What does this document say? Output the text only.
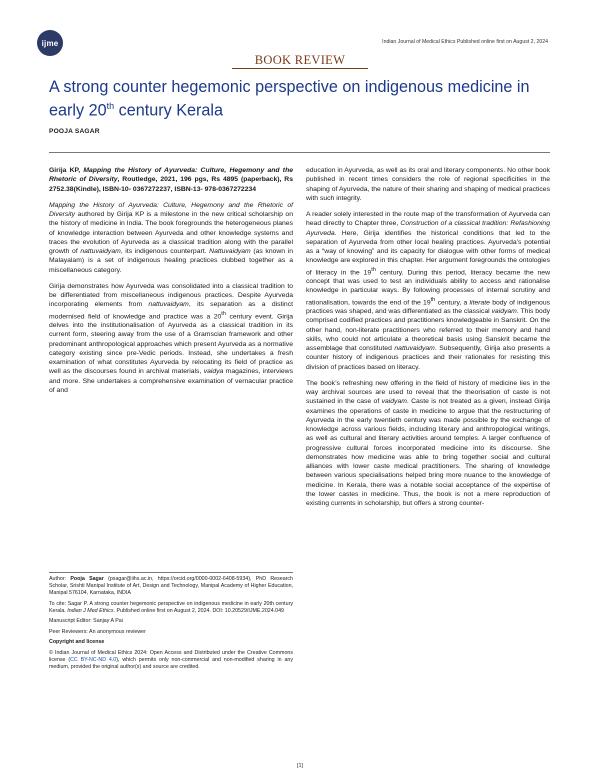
ijme	Indian Journal of Medical Ethics Published online first on August 2, 2024
BOOK REVIEW
A strong counter hegemonic perspective on indigenous medicine in early 20th century Kerala
POOJA SAGAR

Girija KP, Mapping the History of Ayurveda: Culture, Hegemony and the Rhetoric of Diversity, Routledge, 2021, 196 pgs, Rs 4895 (paperback), Rs 2752.38(Kindle), ISBN-10- 0367272237, ISBN-13- 978-0367272234

Mapping the History of Ayurveda: Culture, Hegemony and the Rhetoric of Diversity authored by Girija KP is a milestone in the new critical scholarship on the history of medicine in India. The book foregrounds the heterogeneous planes of knowledge interaction between Ayurveda and other knowledge systems and traces the evolution of Ayurveda as a classical tradition along with the parallel growth of nattuvaidyam, its indigenous counterpart. Nattuvaidyam (as known in Malayalam) is a set of indigenous healing practices clubbed together as a miscellaneous category.

Girija demonstrates how Ayurveda was consolidated into a classical tradition to be differentiated from miscellaneous indigenous practices. Despite Ayurveda incorporating elements from nattuvaidyam, its separation as a distinct modernised field of knowledge and practice was a 20th century event. Girija delves into the institutionalisation of Ayurveda as a classical tradition in its current form, steering away from the use of a Gramscian framework and other predominant anthropological approaches which present Ayurveda as a normative category existing since pre-Vedic periods. Instead, she undertakes a fresh examination of what constitutes Ayurveda by relocating its field of practice as well as the discourses found in archival materials, vaidya magazines, interviews and more. She undertakes a comprehensive examination of vernacular practice of and

Author: Pooja Sagar (psagar@iihs.ac.in, https://orcid.org/0000-0002-6408-5934), PhD Research Scholar, Srishti Manipal Institute of Art, Design and Technology, Manipal Academy of Higher Education, Manipal 576104, Karnataka, INDIA

To cite: Sagar P. A strong counter hegemonic perspective on indigenous medicine in early 20th century Kerala. Indian J Med Ethics. Published online first on August 2, 2024. DOI: 10.20529/IJME.2024.049

Manuscript Editor: Sanjay A Pai

Peer Reviewers: An anonymous reviewer

Copyright and license

© Indian Journal of Medical Ethics 2024: Open Access and Distributed under the Creative Commons license (CC BY-NC-ND 4.0), which permits only non-commercial and non-modified sharing in any medium, provided the original author(s) and source are credited.

education in Ayurveda, as well as its oral and literary components. No other book published in recent times considers the role of regional specificities in the shaping of Ayurveda, the nature of their sharing and shaping of medical practices with such integrity.

A reader solely interested in the route map of the transformation of Ayurveda can head directly to Chapter three, Construction of a classical tradition: Refashioning Ayurveda. Here, Girija identifies the historical conditions that led to the separation of Ayurveda from other local healing practices. Ayurveda’s potential as a “way of knowing” and its capacity for dialogue with other forms of medical knowledge are explored in this chapter. Her argument foregrounds the ontologies of literacy in the 19th century. During this period, literacy became the new concept that was used to test an individuals ability to access and rationalise knowledge in particular ways. By following processes of internal scrutiny and rationalisation, towards the end of the 19th century, a literate body of indigenous practices was shaped, and was differentiated as the classical vaidyam. This body comprised codified practices and practitioners knowledgeable in Sanskrit. On the other hand, non-literate practitioners who referred to their memory and hand skills, who could not articulate a theoretical basis using Sanskrit became the assemblage that constituted nattuvaidyam. Subsequently, Girija also presents a counter history of indigenous practices and their rationales for resisting this division of practices based on literacy.

The book’s refreshing new offering in the field of history of medicine lies in the way archival sources are used to reveal that the theorisation of caste is not sustained in the case of vaidyam. Caste is not treated as a given, instead Girija examines the operations of caste in medicine to argue that the restructuring of Ayurveda in the early twentieth century was made possible by the exchange of knowledge across various fields, including literary and anthropological writings, as well as cultural and literary activities around temples. A larger confluence of progressive cultural forces incorporated medicine into its discourse. She demonstrates how medicine was able to bring together social and cultural alliances with lower caste medical practitioners. The sharing of knowledge between various specialisations helped bring more nuance to the knowledge of medicine. In Kerala, there was a notable social acceptance of the expertise of the lower castes in medicine. Thus, the book is not a mere reproduction of existing currents in scholarship, but offers a strong counter-

[1]
